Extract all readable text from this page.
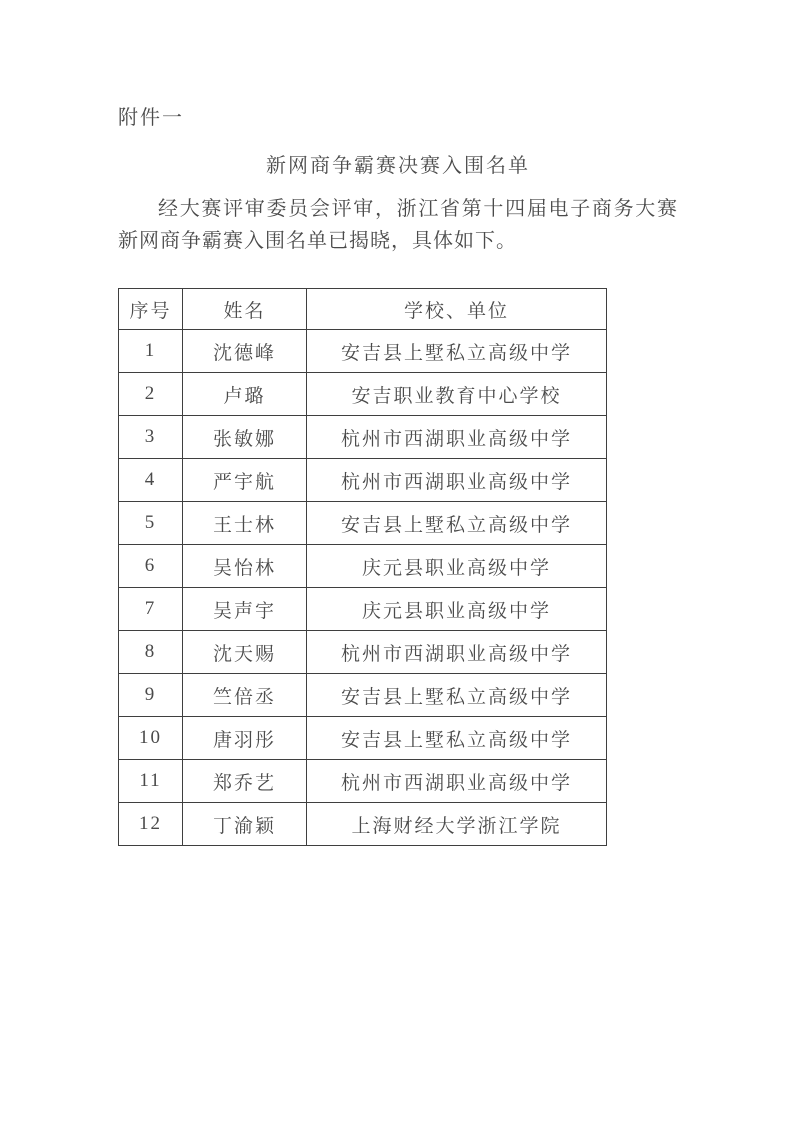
附件一
新网商争霸赛决赛入围名单

经大赛评审委员会评审，浙江省第十四届电子商务大赛新网商争霸赛入围名单已揭晓，具体如下。

序号	姓名	学校、单位
1	沈德峰	安吉县上墅私立高级中学
2	卢璐	安吉职业教育中心学校
3	张敏娜	杭州市西湖职业高级中学
4	严宇航	杭州市西湖职业高级中学
5	王士林	安吉县上墅私立高级中学
6	吴怡林	庆元县职业高级中学
7	吴声宇	庆元县职业高级中学
8	沈天赐	杭州市西湖职业高级中学
9	竺倍丞	安吉县上墅私立高级中学
10	唐羽彤	安吉县上墅私立高级中学
11	郑乔艺	杭州市西湖职业高级中学
12	丁渝颖	上海财经大学浙江学院
